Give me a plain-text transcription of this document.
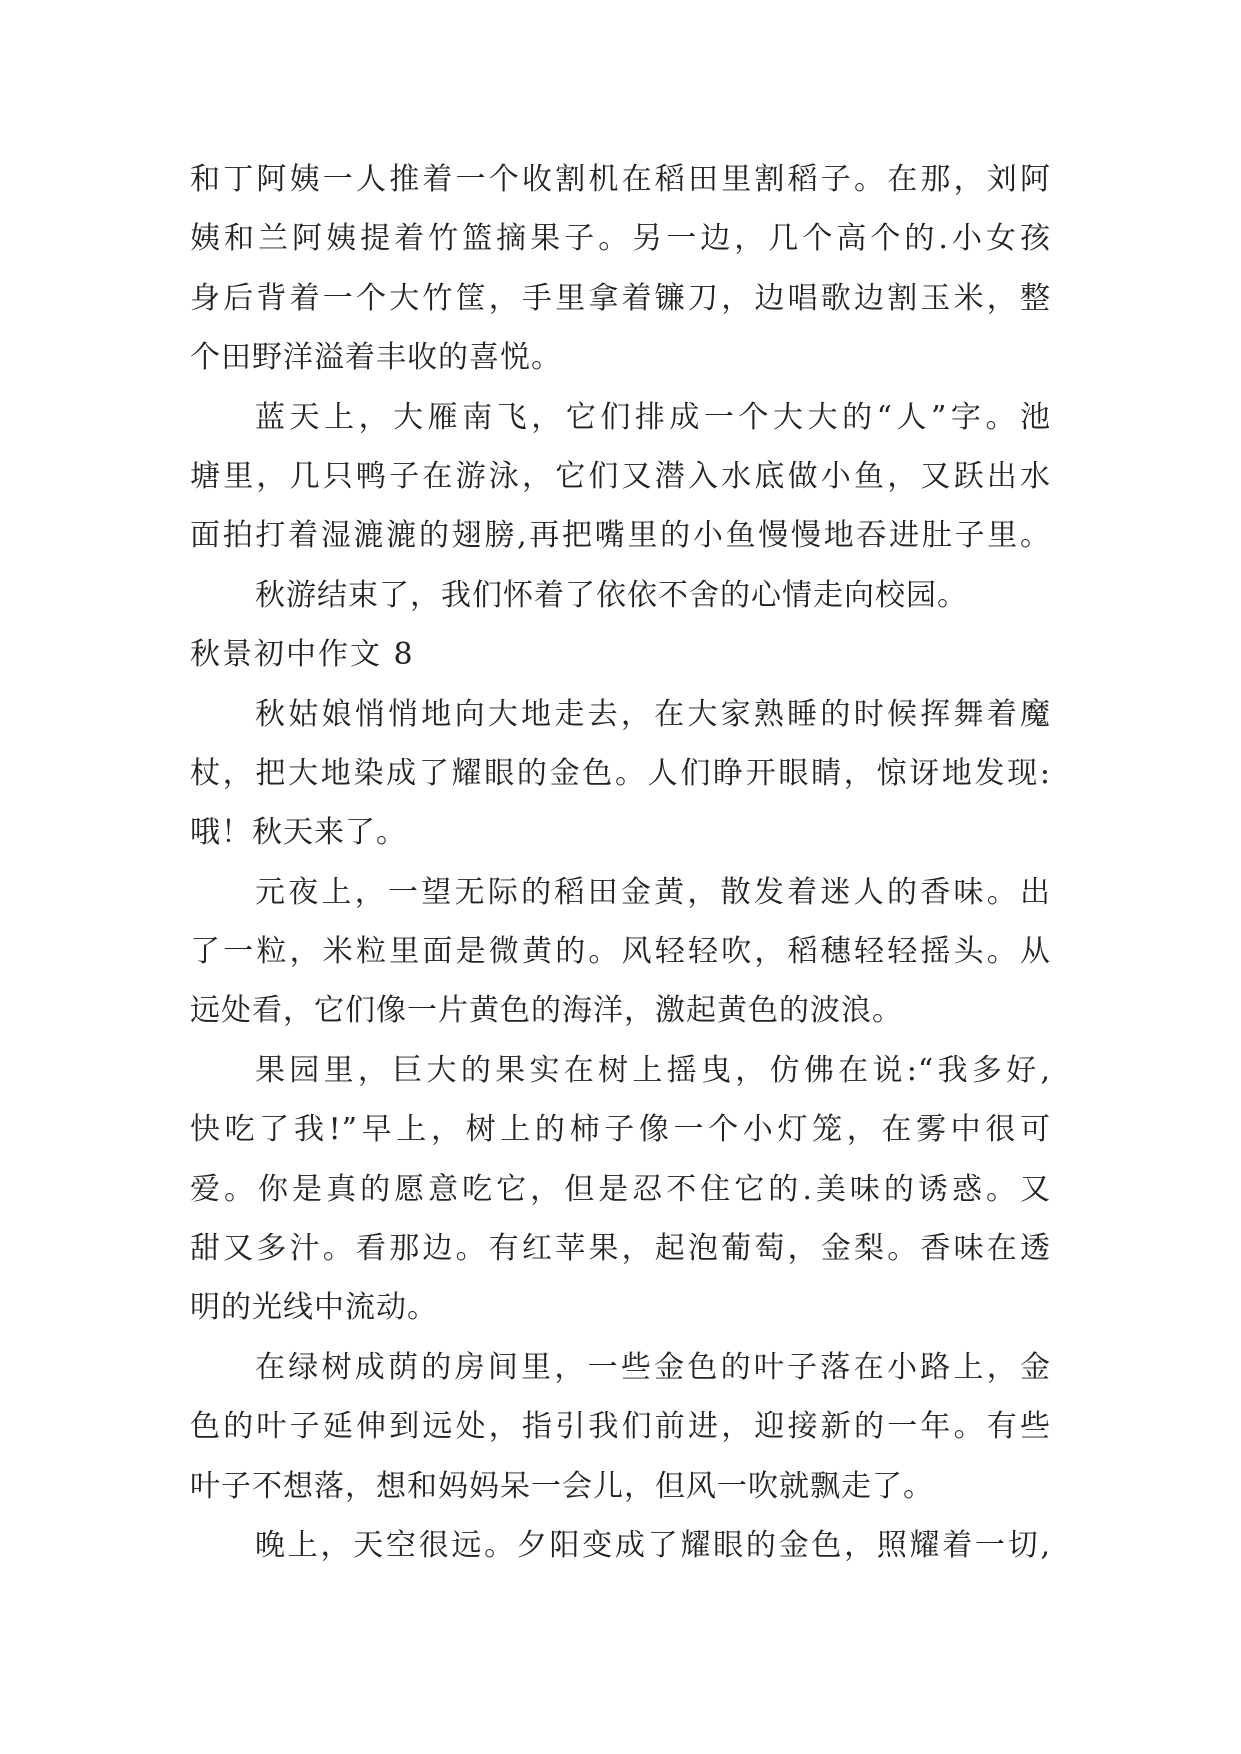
和丁阿姨一人推着一个收割机在稻田里割稻子。在那，刘阿
姨和兰阿姨提着竹篮摘果子。另一边，几个高个的.小女孩
身后背着一个大竹筐，手里拿着镰刀，边唱歌边割玉米，整
个田野洋溢着丰收的喜悦。
蓝天上，大雁南飞，它们排成一个大大的“人”字。池
塘里，几只鸭子在游泳，它们又潜入水底做小鱼，又跃出水
面拍打着湿漉漉的翅膀,再把嘴里的小鱼慢慢地吞进肚子里。
秋游结束了，我们怀着了依依不舍的心情走向校园。
秋景初中作文 8
秋姑娘悄悄地向大地走去，在大家熟睡的时候挥舞着魔
杖，把大地染成了耀眼的金色。人们睁开眼睛，惊讶地发现:
哦！秋天来了。
元夜上，一望无际的稻田金黄，散发着迷人的香味。出
了一粒，米粒里面是微黄的。风轻轻吹，稻穗轻轻摇头。从
远处看，它们像一片黄色的海洋，激起黄色的波浪。
果园里，巨大的果实在树上摇曳，仿佛在说:“我多好,
快吃了我!”早上，树上的柿子像一个小灯笼，在雾中很可
爱。你是真的愿意吃它，但是忍不住它的.美味的诱惑。又
甜又多汁。看那边。有红苹果，起泡葡萄，金梨。香味在透
明的光线中流动。
在绿树成荫的房间里，一些金色的叶子落在小路上，金
色的叶子延伸到远处，指引我们前进，迎接新的一年。有些
叶子不想落，想和妈妈呆一会儿，但风一吹就飘走了。
晚上，天空很远。夕阳变成了耀眼的金色，照耀着一切,
